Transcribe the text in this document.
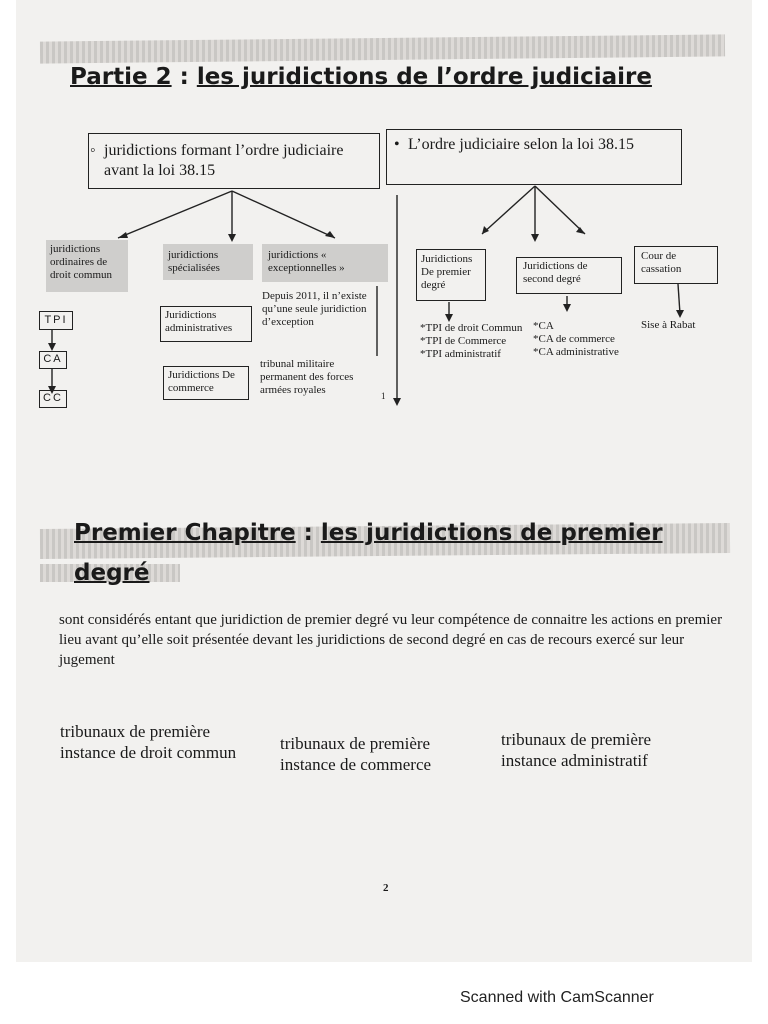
Partie 2 : les juridictions de l’ordre judiciaire
◦ juridictions formant l’ordre judiciaire avant la loi 38.15
• L’ordre judiciaire selon la loi 38.15
juridictions ordinaires de droit commun
juridictions spécialisées
juridictions « exceptionnelles »
TPI
CA
CC
Juridictions administratives
Juridictions De commerce
Depuis 2011, il n’existe qu’une seule juridiction d’exception
tribunal militaire permanent des forces armées royales	1
Juridictions De premier degré
*TPI de droit Commun
*TPI de Commerce
*TPI administratif
Juridictions de second degré
*CA
*CA de commerce
*CA administrative
Cour de cassation
Sise à Rabat
Premier Chapitre : les juridictions de premier
degré
sont considérés entant que juridiction de premier degré vu leur compétence de connaitre les actions en premier lieu avant qu’elle soit présentée devant les juridictions de second degré en cas de recours exercé sur leur jugement
tribunaux de première instance de droit commun	tribunaux de première instance de commerce
tribunaux de première instance administratif
2
Scanned with CamScanner
